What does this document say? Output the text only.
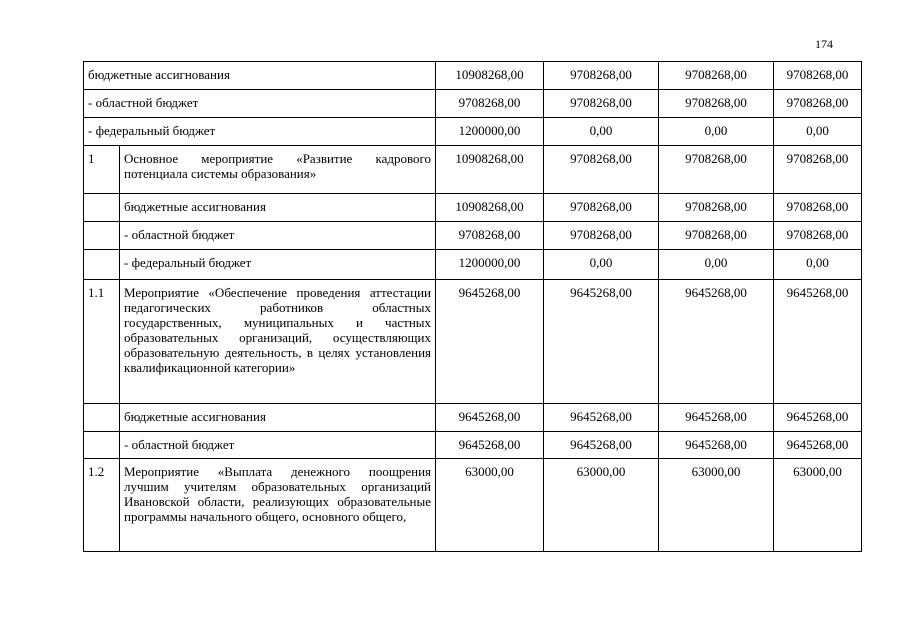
174
бюджетные ассигнования		10908268,00	9708268,00	9708268,00	9708268,00
- областной бюджет		9708268,00	9708268,00	9708268,00	9708268,00
- федеральный бюджет		1200000,00	0,00	0,00	0,00
1	Основное мероприятие «Развитие кадрового потенциала системы образования»	10908268,00	9708268,00	9708268,00	9708268,00
	бюджетные ассигнования	10908268,00	9708268,00	9708268,00	9708268,00
	- областной бюджет	9708268,00	9708268,00	9708268,00	9708268,00
	- федеральный бюджет	1200000,00	0,00	0,00	0,00
1.1	Мероприятие «Обеспечение проведения аттестации педагогических работников областных государственных, муниципальных и частных образовательных организаций, осуществляющих образовательную деятельность, в целях установления квалификационной категории»	9645268,00	9645268,00	9645268,00	9645268,00
	бюджетные ассигнования	9645268,00	9645268,00	9645268,00	9645268,00
	- областной бюджет	9645268,00	9645268,00	9645268,00	9645268,00
1.2	Мероприятие «Выплата денежного поощрения лучшим учителям образовательных организаций Ивановской области, реализующих образовательные программы начального общего, основного общего,	63000,00	63000,00	63000,00	63000,00
